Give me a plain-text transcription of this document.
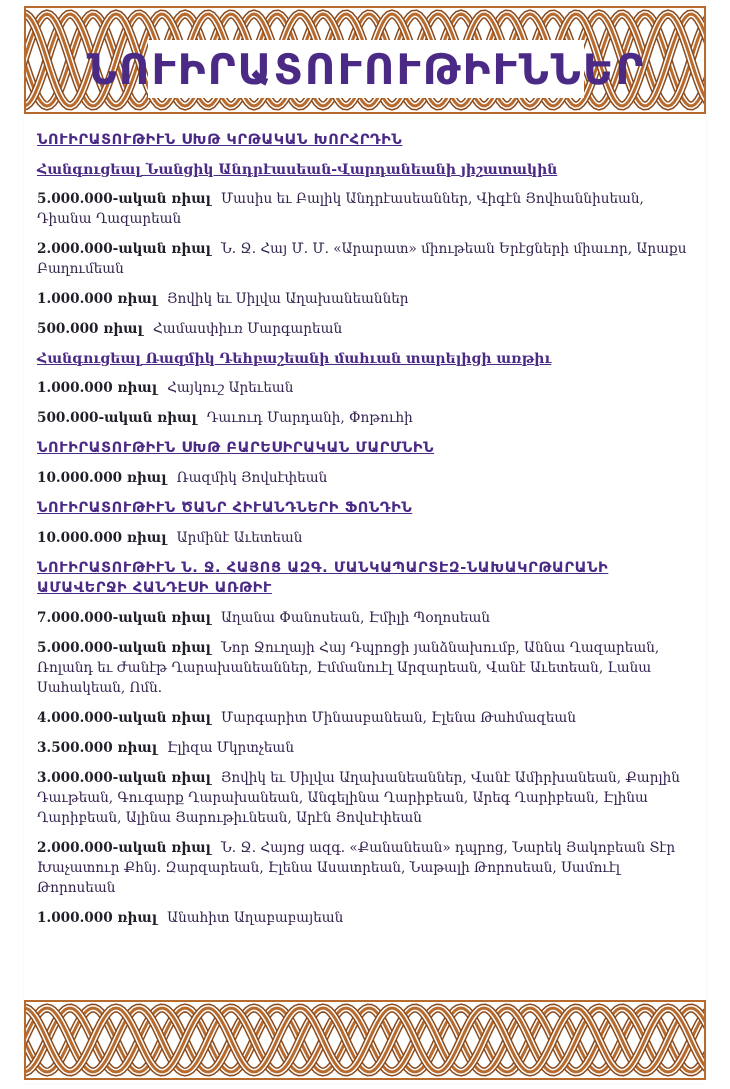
ՆՈՒԻՐԱՏՈՒՈՒԹԻՒՆՆԵՐ
ՆՈՒԻՐԱՏՈՒԹԻՒՆ ՍԽԹ ԿՐԹԱԿԱՆ ԽՈՐՀՐԴԻՆ
Հանգուցեալ Նանցիկ Անդրէասեան-Վարդանեանի յիշատակին
5.000.000-ական ռիալ Մասիս եւ Բալիկ Անդրէասեաններ, Վիգէն Յովհաննիսեան, Դիանա Ղազարեան
2.000.000-ական ռիալ Ն. Ջ. Հայ Մ. Մ. «Արարատ» միութեան Երէցների միաւոր, Արաքս Բաղումեան
1.000.000 ռիալ Յովիկ եւ Սիլվա Աղախանեաններ
500.000 ռիալ Համասփիւռ Մարգարեան
Հանգուցեալ Ռազմիկ Դեհբաշեանի մահւան տարելիցի առթիւ
1.000.000 ռիալ Հայկուշ Արեւեան
500.000-ական ռիալ Դաւուդ Մարդանի, Փոթուհի
ՆՈՒԻՐԱՏՈՒԹԻՒՆ ՍԽԹ ԲԱՐԵՍԻՐԱԿԱՆ ՄԱՐՄՆԻՆ
10.000.000 ռիալ Ռազմիկ Յովսէփեան
ՆՈՒԻՐԱՏՈՒԹԻՒՆ ԾԱՆՐ ՀԻՒԱՆԴՆԵՐԻ ՖՈՆԴԻՆ
10.000.000 ռիալ Արմինէ Աւետեան
ՆՈՒԻՐԱՏՈՒԹԻՒՆ Ն. Ջ. ՀԱՅՈՑ ԱԶԳ. ՄԱՆԿԱՊԱՐՏԷԶ-ՆԱԽԱԿՐԹԱՐԱՆԻ ԱՄԱՎԵՐՋԻ ՀԱՆԴԷՍԻ ԱՌԹԻՒ
7.000.000-ական ռիալ Աղանա Փանոսեան, Էմիլի Պօղոսեան
5.000.000-ական ռիալ Նոր Ջուղայի Հայ Դպրոցի յանձնախումբ, Աննա Ղազարեան, Ռոլանդ եւ Ժանէթ Ղարախանեաններ, Էմմանուէլ Արզարեան, Վանէ Աւետեան, Լանա Սահակեան, Ոմն.
4.000.000-ական ռիալ Մարգարիտ Մինասբանեան, Էլենա Թահմազեան
3.500.000 ռիալ Էլիզա Մկրտչեան
3.000.000-ական ռիալ Յովիկ եւ Սիլվա Աղախանեաններ, Վանէ Ամիրխանեան, Քարլին Դաւթեան, Գուգարք Ղարախանեան, Անգելինա Ղարիբեան, Արեգ Ղարիբեան, Էլինա Ղարիբեան, Ալինա Յարութիւնեան, Արէն Յովսէփեան
2.000.000-ական ռիալ Ն. Ջ. Հայոց ազգ. «Քանանեան» դպրոց, Նարեկ Յակոբեան Տէր Խաչատուր Քհնյ. Զարզարեան, Էլենա Ասատրեան, Նաթալի Թորոսեան, Սամուէլ Թորոսեան
1.000.000 ռիալ Անահիտ Աղաբաբայեան
